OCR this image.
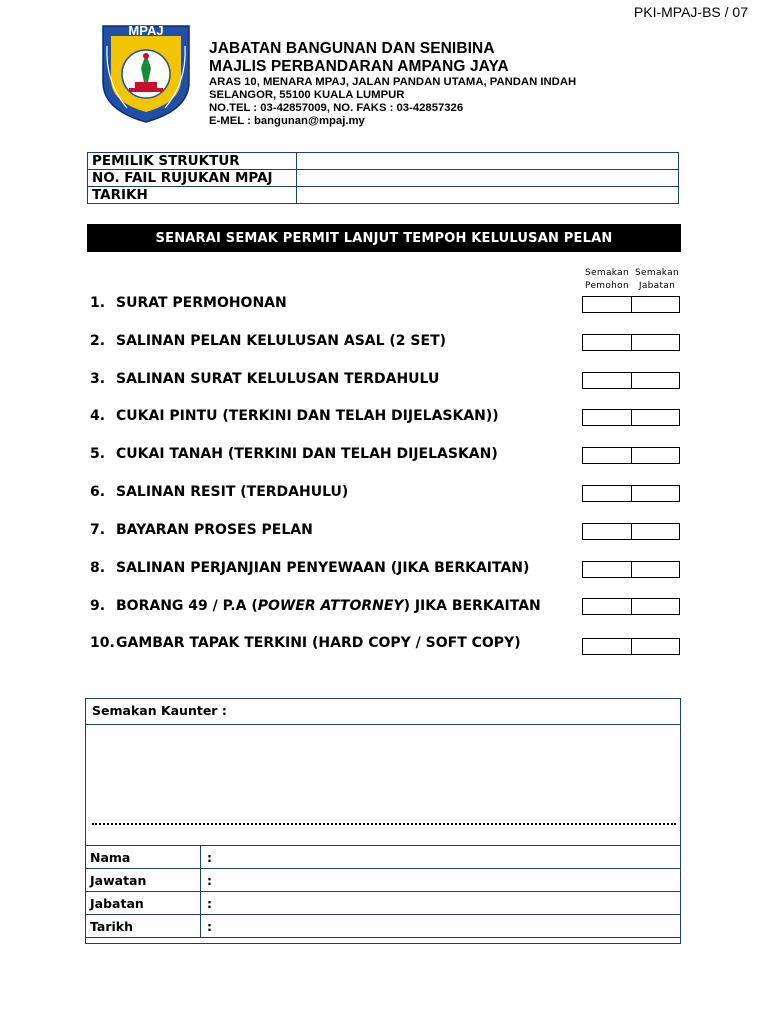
PKI-MPAJ-BS / 07
MPAJ
JABATAN BANGUNAN DAN SENIBINA
MAJLIS PERBANDARAN AMPANG JAYA
ARAS 10, MENARA MPAJ, JALAN PANDAN UTAMA, PANDAN INDAH
SELANGOR, 55100 KUALA LUMPUR
NO.TEL : 03-42857009, NO. FAKS : 03-42857326
E-MEL : bangunan@mpaj.my
PEMILIK STRUKTUR	
NO. FAIL RUJUKAN MPAJ	
TARIKH	
SENARAI SEMAK PERMIT LANJUT TEMPOH KELULUSAN PELAN
Semakan
Pemohon
Semakan
Jabatan
1. SURAT PERMOHONAN
2. SALINAN PELAN KELULUSAN ASAL (2 SET)
3. SALINAN SURAT KELULUSAN TERDAHULU
4. CUKAI PINTU (TERKINI DAN TELAH DIJELASKAN))
5. CUKAI TANAH (TERKINI DAN TELAH DIJELASKAN)
6. SALINAN RESIT (TERDAHULU)
7. BAYARAN PROSES PELAN
8. SALINAN PERJANJIAN PENYEWAAN (JIKA BERKAITAN)
9. BORANG 49 / P.A ( POWER ATTORNEY ) JIKA BERKAITAN
10. GAMBAR TAPAK TERKINI (HARD COPY / SOFT COPY)
Semakan Kaunter :
Nama	:
Jawatan	:
Jabatan	:
Tarikh	:
